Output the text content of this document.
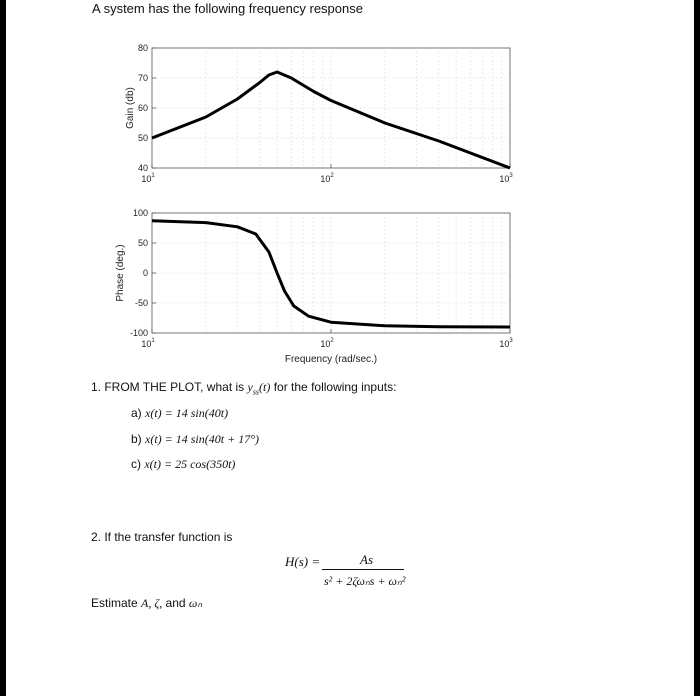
A system has the following frequency response
80
70
60
50
40
$10^1$	$10^2$	$10^3$
Gain (db)
100
50
0
-50
-100
$10^1$	$10^2$	$10^3$
Phase (deg.)
Frequency (rad/sec.)
1. FROM THE PLOT, what is $y_{ss}(t)$ for the following inputs:
a) x(t) = 14 sin(40t)
b) x(t) = 14 sin(40t + 17°)
c) x(t) = 25 cos(350t)
2. If the transfer function is
H(s) =	As
s² + 2ζωₙs + ωₙ²
Estimate A, ζ, and ωₙ
